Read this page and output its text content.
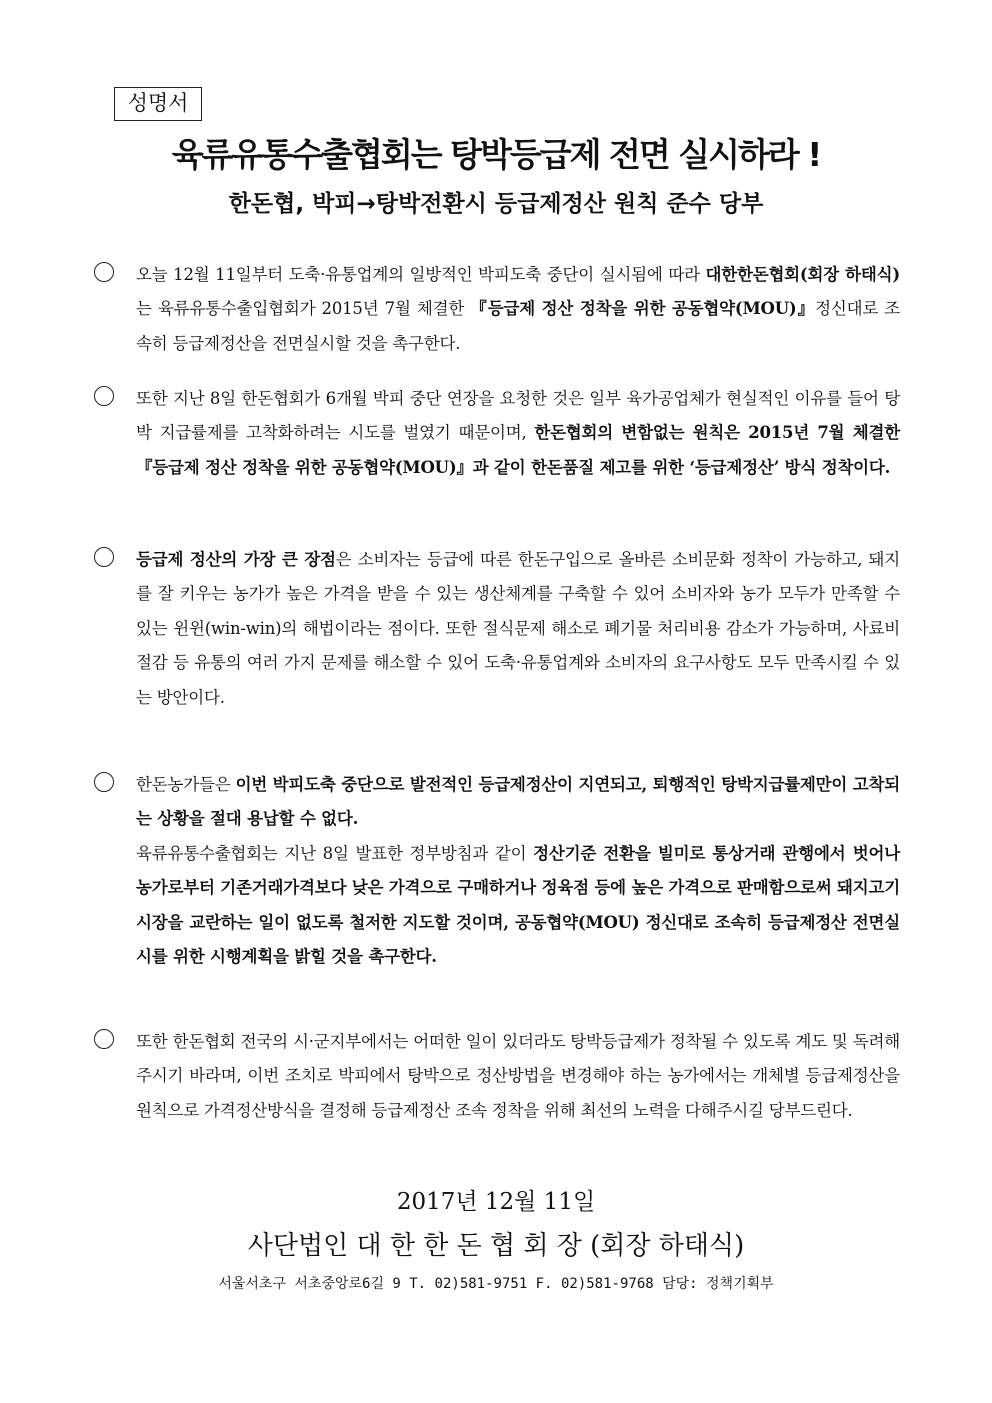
성명서
육류유통수출협회는 탕박등급제 전면 실시하라 !
한돈협, 박피→탕박전환시 등급제정산 원칙 준수 당부
오늘 12월 11일부터 도축·유통업계의 일방적인 박피도축 중단이 실시됨에 따라 대한한돈협회(회장 하태식)는 육류유통수출입협회가 2015년 7월 체결한 『등급제 정산 정착을 위한 공동협약(MOU)』정신대로 조속히 등급제정산을 전면실시할 것을 촉구한다.
또한 지난 8일 한돈협회가 6개월 박피 중단 연장을 요청한 것은 일부 육가공업체가 현실적인 이유를 들어 탕박 지급률제를 고착화하려는 시도를 벌였기 때문이며, 한돈협회의 변함없는 원칙은 2015년 7월 체결한 『등급제 정산 정착을 위한 공동협약(MOU)』과 같이 한돈품질 제고를 위한 ‘등급제정산’ 방식 정착이다.
등급제 정산의 가장 큰 장점은 소비자는 등급에 따른 한돈구입으로 올바른 소비문화 정착이 가능하고, 돼지를 잘 키우는 농가가 높은 가격을 받을 수 있는 생산체계를 구축할 수 있어 소비자와 농가 모두가 만족할 수 있는 윈윈(win-win)의 해법이라는 점이다. 또한 절식문제 해소로 폐기물 처리비용 감소가 가능하며, 사료비 절감 등 유통의 여러 가지 문제를 해소할 수 있어 도축·유통업계와 소비자의 요구사항도 모두 만족시킬 수 있는 방안이다.
한돈농가들은 이번 박피도축 중단으로 발전적인 등급제정산이 지연되고, 퇴행적인 탕박지급률제만이 고착되는 상황을 절대 용납할 수 없다.
육류유통수출협회는 지난 8일 발표한 정부방침과 같이 정산기준 전환을 빌미로 통상거래 관행에서 벗어나 농가로부터 기존거래가격보다 낮은 가격으로 구매하거나 정육점 등에 높은 가격으로 판매함으로써 돼지고기 시장을 교란하는 일이 없도록 철저한 지도할 것이며, 공동협약(MOU) 정신대로 조속히 등급제정산 전면실시를 위한 시행계획을 밝힐 것을 촉구한다.
또한 한돈협회 전국의 시·군지부에서는 어떠한 일이 있더라도 탕박등급제가 정착될 수 있도록 계도 및 독려해주시기 바라며, 이번 조치로 박피에서 탕박으로 정산방법을 변경해야 하는 농가에서는 개체별 등급제정산을 원칙으로 가격정산방식을 결정해 등급제정산 조속 정착을 위해 최선의 노력을 다해주시길 당부드린다.
2017년 12월 11일
사단법인 대 한 한 돈 협 회 장 (회장 하태식)
서울서초구 서초중앙로6길 9 T. 02)581-9751 F. 02)581-9768 담당: 정책기획부
